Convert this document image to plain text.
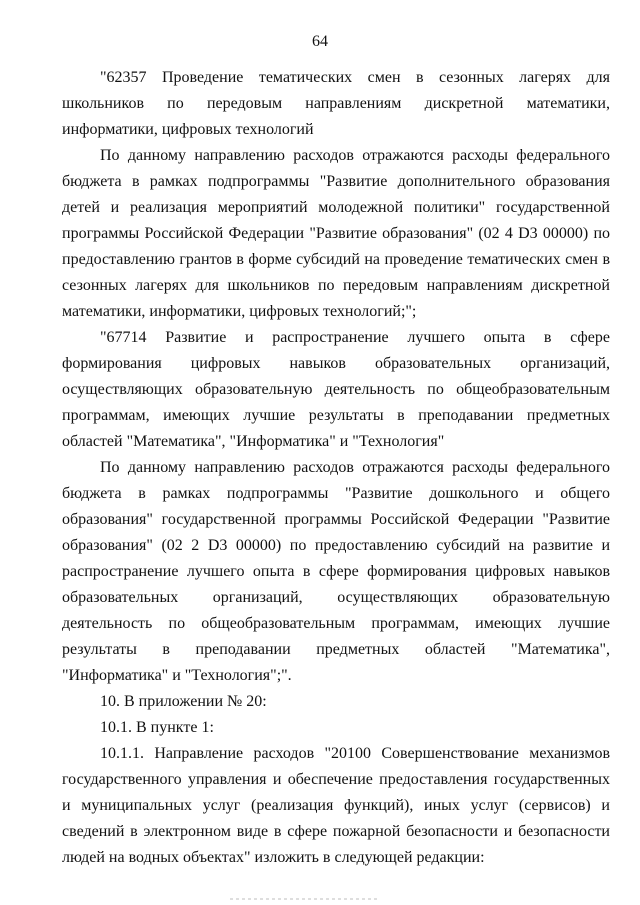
64

"62357 Проведение тематических смен в сезонных лагерях для школьников по передовым направлениям дискретной математики, информатики, цифровых технологий

По данному направлению расходов отражаются расходы федерального бюджета в рамках подпрограммы "Развитие дополнительного образования детей и реализация мероприятий молодежной политики" государственной программы Российской Федерации "Развитие образования" (02 4 D3 00000) по предоставлению грантов в форме субсидий на проведение тематических смен в сезонных лагерях для школьников по передовым направлениям дискретной математики, информатики, цифровых технологий;";

"67714 Развитие и распространение лучшего опыта в сфере формирования цифровых навыков образовательных организаций, осуществляющих образовательную деятельность по общеобразовательным программам, имеющих лучшие результаты в преподавании предметных областей "Математика", "Информатика" и "Технология"

По данному направлению расходов отражаются расходы федерального бюджета в рамках подпрограммы "Развитие дошкольного и общего образования" государственной программы Российской Федерации "Развитие образования" (02 2 D3 00000) по предоставлению субсидий на развитие и распространение лучшего опыта в сфере формирования цифровых навыков образовательных организаций, осуществляющих образовательную деятельность по общеобразовательным программам, имеющих лучшие результаты в преподавании предметных областей "Математика", "Информатика" и "Технология";".

10. В приложении № 20:

10.1. В пункте 1:

10.1.1. Направление расходов "20100 Совершенствование механизмов государственного управления и обеспечение предоставления государственных и муниципальных услуг (реализация функций), иных услуг (сервисов) и сведений в электронном виде в сфере пожарной безопасности и безопасности людей на водных объектах" изложить в следующей редакции:
